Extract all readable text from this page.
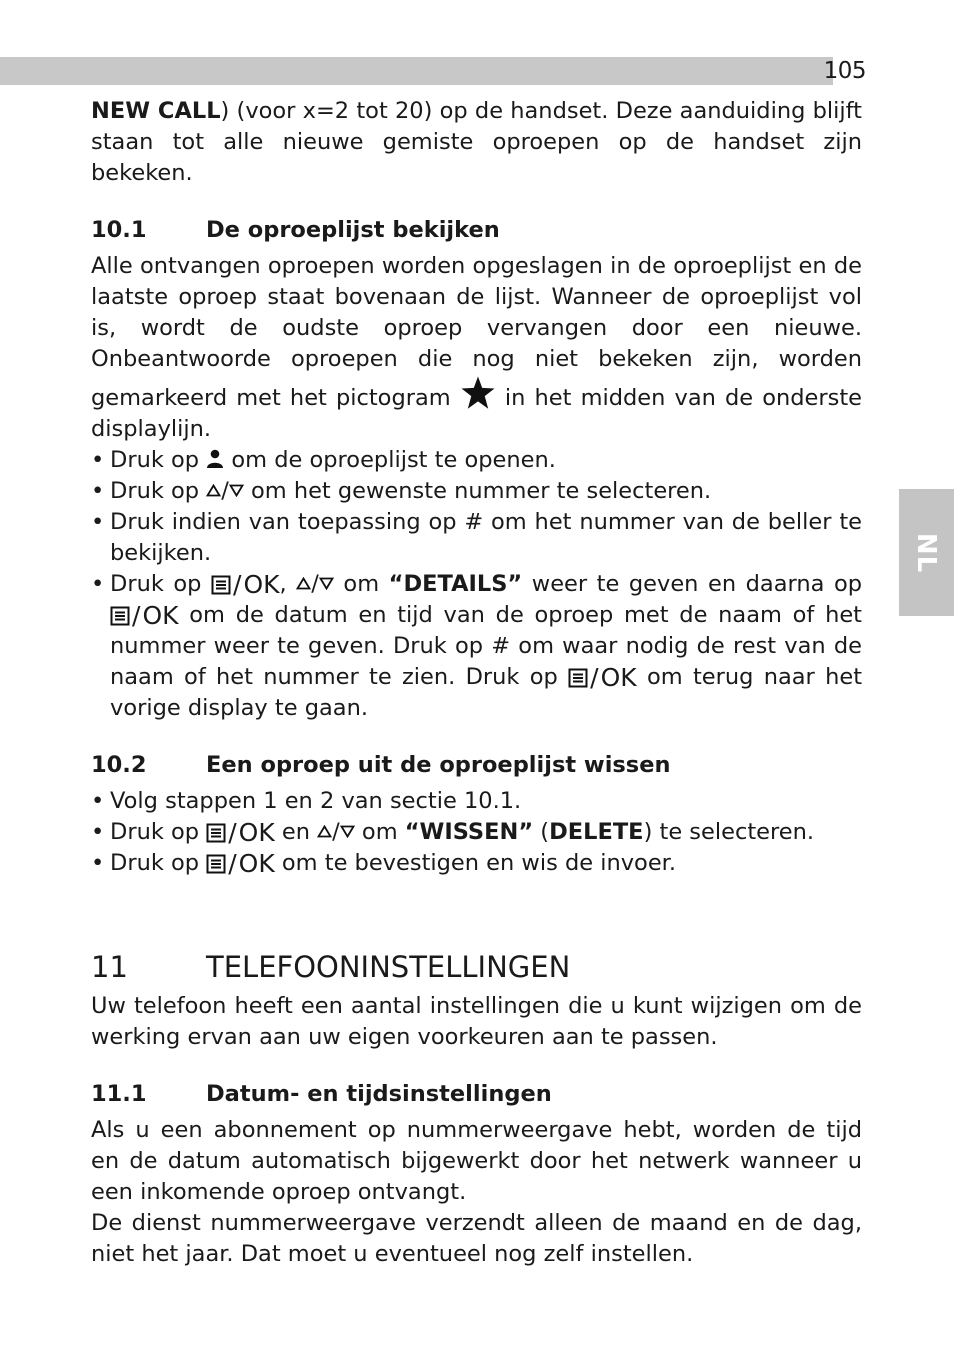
105
NL

NEW CALL) (voor x=2 tot 20) op de handset. Deze aanduiding blijft staan tot alle nieuwe gemiste oproepen op de handset zijn bekeken.

10.1	De oproeplijst bekijken

Alle ontvangen oproepen worden opgeslagen in de oproeplijst en de laatste oproep staat bovenaan de lijst. Wanneer de oproeplijst vol is, wordt de oudste oproep vervangen door een nieuwe. Onbeantwoorde oproepen die nog niet bekeken zijn, worden gemarkeerd met het pictogram in het midden van de onderste displaylijn.

• Druk op om de oproeplijst te openen.
• Druk op / om het gewenste nummer te selecteren.
• Druk indien van toepassing op # om het nummer van de beller te bekijken.
• Druk op / OK , / om “DETAILS” weer te geven en daarna op
/ OK om de datum en tijd van de oproep met de naam of het nummer weer te geven. Druk op # om waar nodig de rest van de naam of het nummer te zien. Druk op / OK om terug naar het vorige display te gaan.
10.2	Een oproep uit de oproeplijst wissen
• Volg stappen 1 en 2 van sectie 10.1.
• Druk op / OK en / om “WISSEN” (DELETE) te selecteren.
• Druk op / OK om te bevestigen en wis de invoer.
11	TELEFOONINSTELLINGEN

Uw telefoon heeft een aantal instellingen die u kunt wijzigen om de werking ervan aan uw eigen voorkeuren aan te passen.

11.1	Datum- en tijdsinstellingen

Als u een abonnement op nummerweergave hebt, worden de tijd en de datum automatisch bijgewerkt door het netwerk wanneer u een inkomende oproep ontvangt.

De dienst nummerweergave verzendt alleen de maand en de dag, niet het jaar. Dat moet u eventueel nog zelf instellen.
